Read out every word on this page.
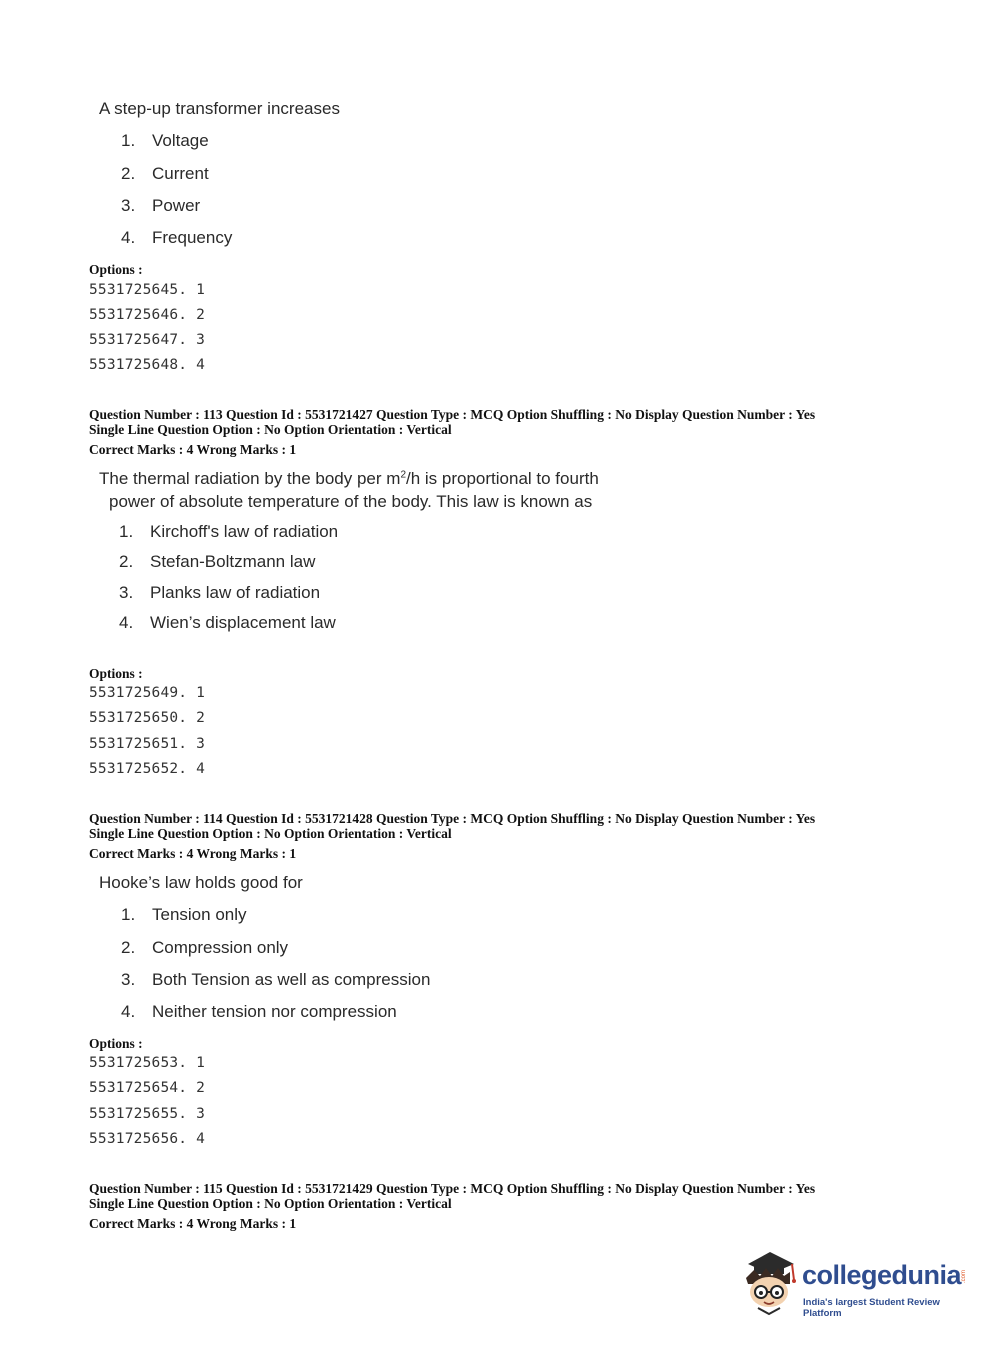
A step-up transformer increases
1. Voltage
2. Current
3. Power
4. Frequency
Options :
5531725645. 1
5531725646. 2
5531725647. 3
5531725648. 4
Question Number : 113 Question Id : 5531721427 Question Type : MCQ Option Shuffling : No Display Question Number : Yes
Single Line Question Option : No Option Orientation : Vertical
Correct Marks : 4 Wrong Marks : 1
The thermal radiation by the body per $m^2/h$ is proportional to fourth
power of absolute temperature of the body. This law is known as
1. Kirchoff's law of radiation
2. Stefan-Boltzmann law
3. Planks law of radiation
4. Wien’s displacement law
Options :
5531725649. 1
5531725650. 2
5531725651. 3
5531725652. 4
Question Number : 114 Question Id : 5531721428 Question Type : MCQ Option Shuffling : No Display Question Number : Yes
Single Line Question Option : No Option Orientation : Vertical
Correct Marks : 4 Wrong Marks : 1
Hooke’s law holds good for
1. Tension only
2. Compression only
3. Both Tension as well as compression
4. Neither tension nor compression
Options :
5531725653. 1
5531725654. 2
5531725655. 3
5531725656. 4
Question Number : 115 Question Id : 5531721429 Question Type : MCQ Option Shuffling : No Display Question Number : Yes
Single Line Question Option : No Option Orientation : Vertical
Correct Marks : 4 Wrong Marks : 1
collegedunia .com
India's largest Student Review Platform
